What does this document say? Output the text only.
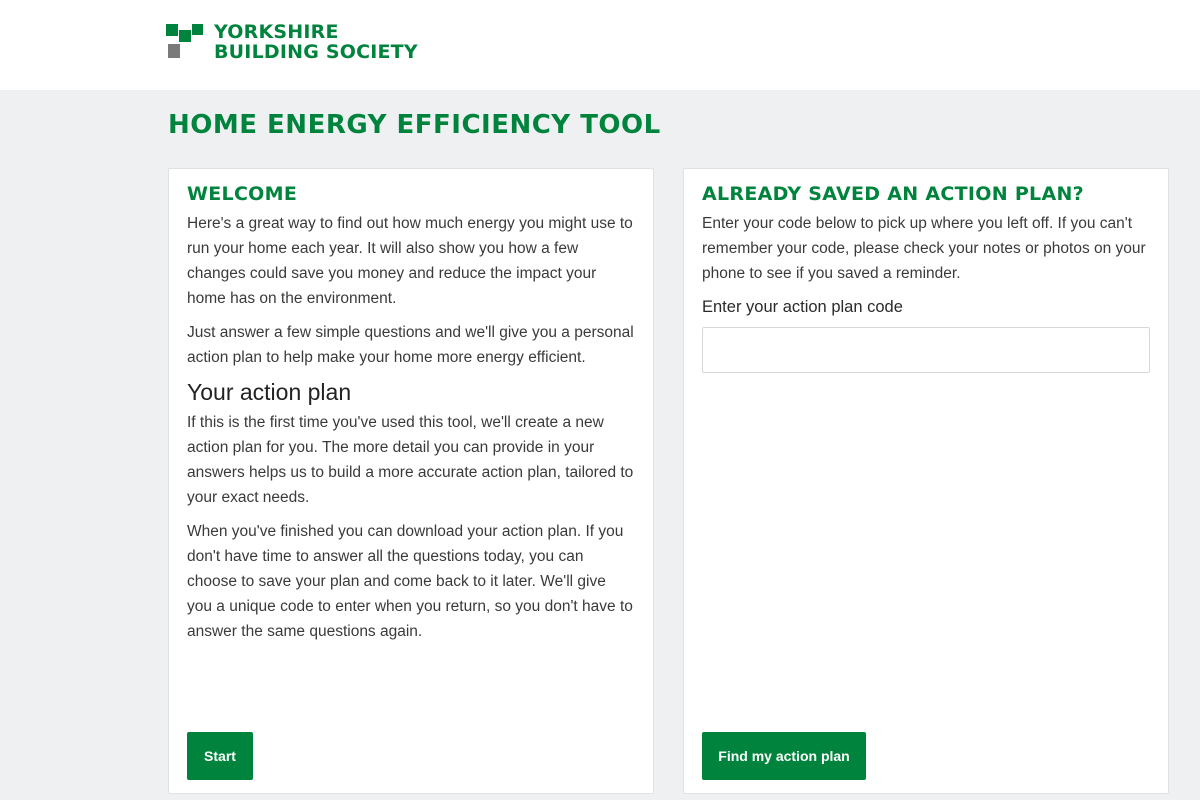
YORKSHIRE
BUILDING SOCIETY
HOME ENERGY EFFICIENCY TOOL
WELCOME

Here's a great way to find out how much energy you might use to run your home each year. It will also show you how a few changes could save you money and reduce the impact your home has on the environment.

Just answer a few simple questions and we'll give you a personal action plan to help make your home more energy efficient.

Your action plan

If this is the first time you've used this tool, we'll create a new action plan for you. The more detail you can provide in your answers helps us to build a more accurate action plan, tailored to your exact needs.

When you've finished you can download your action plan. If you don't have time to answer all the questions today, you can choose to save your plan and come back to it later. We'll give you a unique code to enter when you return, so you don't have to answer the same questions again.

Start
ALREADY SAVED AN ACTION PLAN?

Enter your code below to pick up where you left off. If you can't remember your code, please check your notes or photos on your phone to see if you saved a reminder.

Enter your action plan code
Find my action plan
